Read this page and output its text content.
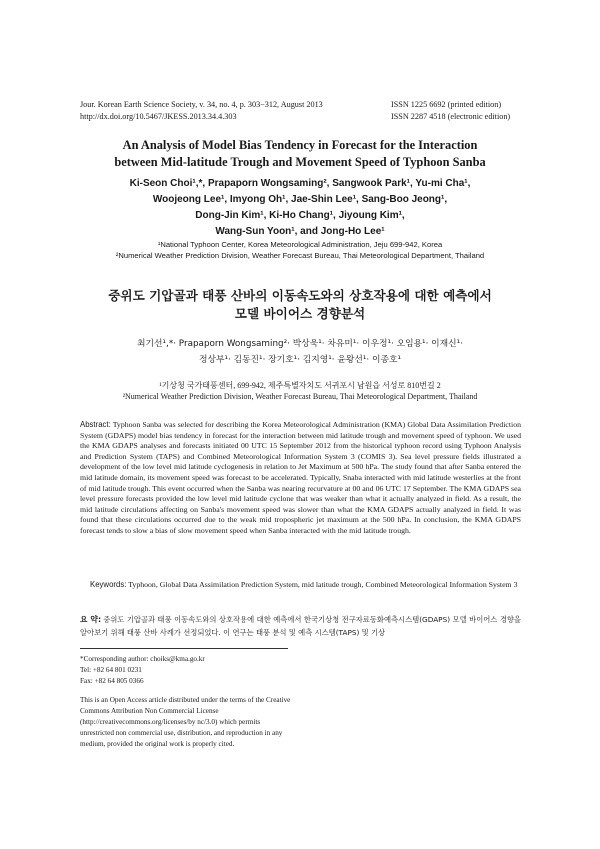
Jour. Korean Earth Science Society, v. 34, no. 4, p. 303−312, August 2013
http://dx.doi.org/10.5467/JKESS.2013.34.4.303
ISSN 1225 6692 (printed edition)
ISSN 2287 4518 (electronic edition)
An Analysis of Model Bias Tendency in Forecast for the Interaction
between Mid-latitude Trough and Movement Speed of Typhoon Sanba
Ki-Seon Choi¹,*, Prapaporn Wongsaming², Sangwook Park¹, Yu-mi Cha¹,
Woojeong Lee¹, Imyong Oh¹, Jae-Shin Lee¹, Sang-Boo Jeong¹,
Dong-Jin Kim¹, Ki-Ho Chang¹, Jiyoung Kim¹,
Wang-Sun Yoon¹, and Jong-Ho Lee¹
¹National Typhoon Center, Korea Meteorological Administration, Jeju 699-942, Korea
²Numerical Weather Prediction Division, Weather Forecast Bureau, Thai Meteorological Department, Thailand
중위도 기압골과 태풍 산바의 이동속도와의 상호작용에 대한 예측에서
모델 바이어스 경향분석
최기선¹,*· Prapaporn Wongsaming²· 박상욱¹· 차유미¹· 이우정¹· 오임용¹· 이재신¹·
정상부¹· 김동진¹· 장기호¹· 김지영¹· 윤왕선¹· 이종호¹
¹기상청 국가태풍센터, 699-942, 제주특별자치도 서귀포시 남원읍 서성로 810번길 2
²Numerical Weather Prediction Division, Weather Forecast Bureau, Thai Meteorological Department, Thailand
Abstract: Typhoon Sanba was selected for describing the Korea Meteorological Administration (KMA) Global Data Assimilation Prediction System (GDAPS) model bias tendency in forecast for the interaction between mid latitude trough and movement speed of typhoon. We used the KMA GDAPS analyses and forecasts initiated 00 UTC 15 September 2012 from the historical typhoon record using Typhoon Analysis and Prediction System (TAPS) and Combined Meteorological Information System 3 (COMIS 3). Sea level pressure fields illustrated a development of the low level mid latitude cyclogenesis in relation to Jet Maximum at 500 hPa. The study found that after Sanba entered the mid latitude domain, its movement speed was forecast to be accelerated. Typically, Snaba interacted with mid latitude westerlies at the front of mid latitude trough. This event occurred when the Sanba was nearing recurvature at 00 and 06 UTC 17 September. The KMA GDAPS sea level pressure forecasts provided the low level mid latitude cyclone that was weaker than what it actually analyzed in field. As a result, the mid latitude circulations affecting on Sanba's movement speed was slower than what the KMA GDAPS actually analyzed in field. It was found that these circulations occurred due to the weak mid tropospheric jet maximum at the 500 hPa. In conclusion, the KMA GDAPS forecast tends to slow a bias of slow movement speed when Sanba interacted with the mid latitude trough.
Keywords: Typhoon, Global Data Assimilation Prediction System, mid latitude trough, Combined Meteorological Information System 3
요 약: 중위도 기압골과 태풍 이동속도와의 상호작용에 대한 예측에서 한국기상청 전구자료동화예측시스템(GDAPS) 모델 바이어스 경향을 알아보기 위해 태풍 산바 사례가 선정되었다. 이 연구는 태풍 분석 및 예측 시스템(TAPS) 및 기상
*Corresponding author: choiks@kma.go.kr
Tel: +82 64 801 0231
Fax: +82 64 805 0366
This is an Open Access article distributed under the terms of the Creative Commons Attribution Non Commercial License (http://creativecommons.org/licenses/by nc/3.0) which permits unrestricted non commercial use, distribution, and reproduction in any medium, provided the original work is properly cited.
